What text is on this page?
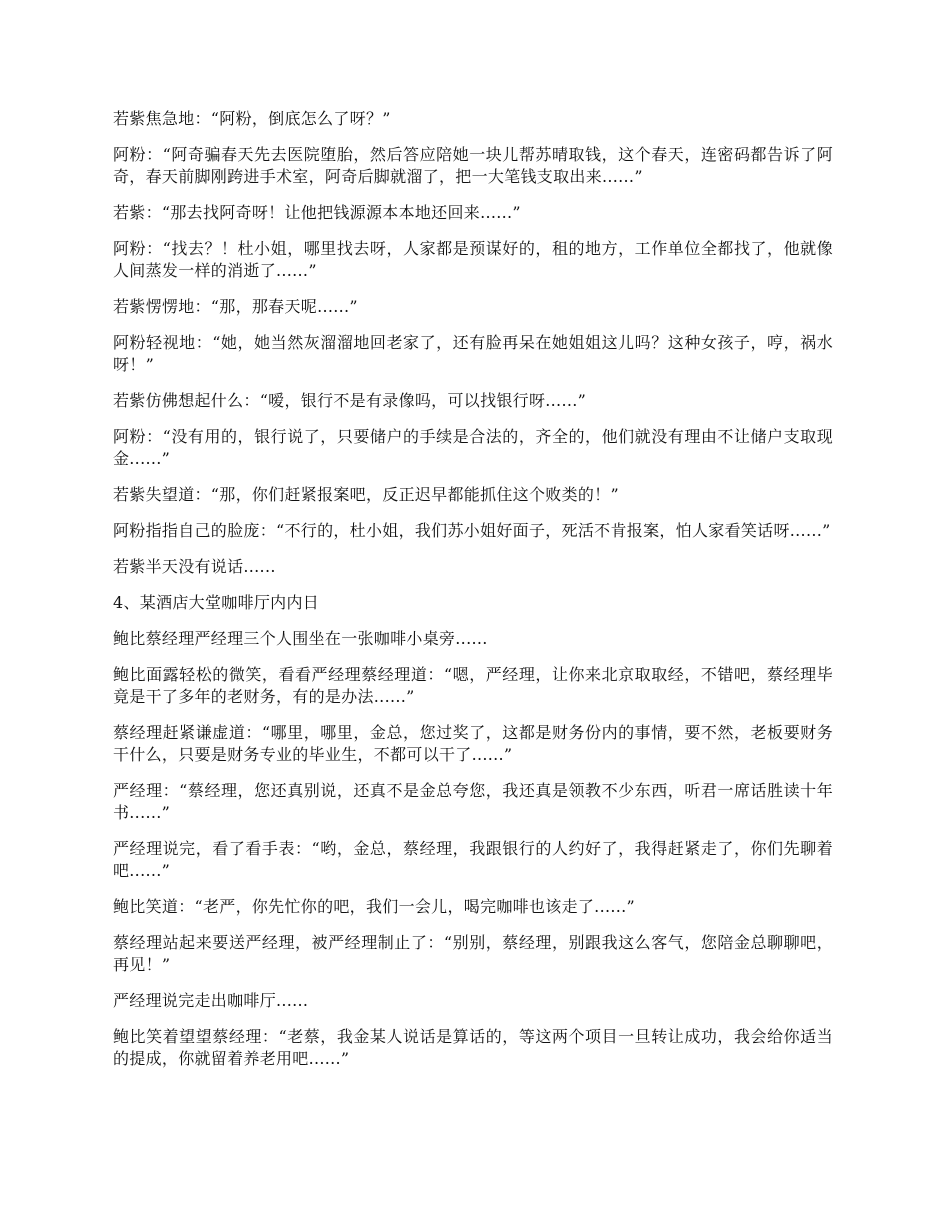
若紫焦急地：“阿粉，倒底怎么了呀？”

阿粉：“阿奇骗春天先去医院堕胎，然后答应陪她一块儿帮苏晴取钱，这个春天，连密码都告诉了阿奇，春天前脚刚跨进手术室，阿奇后脚就溜了，把一大笔钱支取出来......”

若紫：“那去找阿奇呀！让他把钱源源本本地还回来......”

阿粉：“找去？！杜小姐，哪里找去呀，人家都是预谋好的，租的地方，工作单位全都找了，他就像人间蒸发一样的消逝了......”

若紫愣愣地：“那，那春天呢......”

阿粉轻视地：“她，她当然灰溜溜地回老家了，还有脸再呆在她姐姐这儿吗？这种女孩子，哼，祸水呀！”

若紫仿佛想起什么：“嗳，银行不是有录像吗，可以找银行呀......”

阿粉：“没有用的，银行说了，只要储户的手续是合法的，齐全的，他们就没有理由不让储户支取现金......”

若紫失望道：“那，你们赶紧报案吧，反正迟早都能抓住这个败类的！”

阿粉指指自己的脸庞：“不行的，杜小姐，我们苏小姐好面子，死活不肯报案，怕人家看笑话呀......”

若紫半天没有说话......

4、某酒店大堂咖啡厅内内日

鲍比蔡经理严经理三个人围坐在一张咖啡小桌旁......

鲍比面露轻松的微笑，看看严经理蔡经理道：“嗯，严经理，让你来北京取取经，不错吧，蔡经理毕竟是干了多年的老财务，有的是办法......”

蔡经理赶紧谦虚道：“哪里，哪里，金总，您过奖了，这都是财务份内的事情，要不然，老板要财务干什么，只要是财务专业的毕业生，不都可以干了......”

严经理：“蔡经理，您还真别说，还真不是金总夸您，我还真是领教不少东西，听君一席话胜读十年书......”

严经理说完，看了看手表：“哟，金总，蔡经理，我跟银行的人约好了，我得赶紧走了，你们先聊着吧......”

鲍比笑道：“老严，你先忙你的吧，我们一会儿，喝完咖啡也该走了......”

蔡经理站起来要送严经理，被严经理制止了：“别别，蔡经理，别跟我这么客气，您陪金总聊聊吧，再见！”

严经理说完走出咖啡厅......

鲍比笑着望望蔡经理：“老蔡，我金某人说话是算话的，等这两个项目一旦转让成功，我会给你适当的提成，你就留着养老用吧......”
